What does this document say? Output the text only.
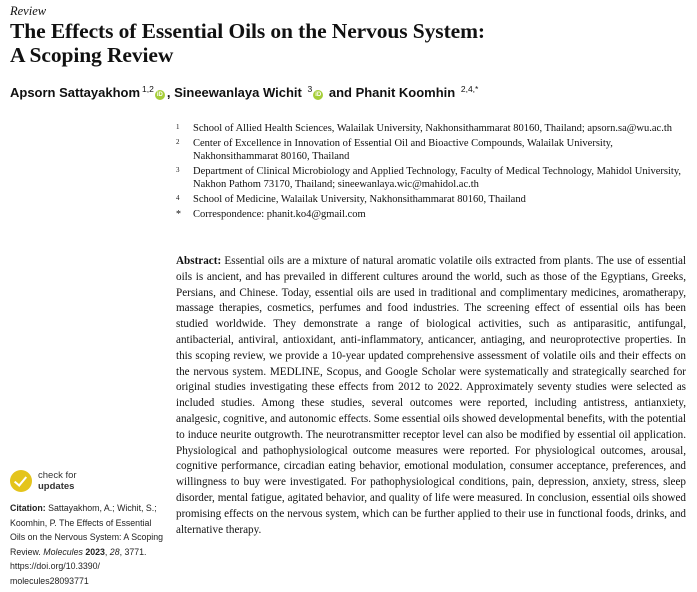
Review
The Effects of Essential Oils on the Nervous System:
A Scoping Review
Apsorn Sattayakhom $^{1,2}$iD , Sineewanlaya Wichit $^3$iD and Phanit Koomhin $^{2,4,*}$
1 School of Allied Health Sciences, Walailak University, Nakhonsithammarat 80160, Thailand; apsorn.sa@wu.ac.th
2 Center of Excellence in Innovation of Essential Oil and Bioactive Compounds, Walailak University, Nakhonsithammarat 80160, Thailand
3 Department of Clinical Microbiology and Applied Technology, Faculty of Medical Technology, Mahidol University, Nakhon Pathom 73170, Thailand; sineewanlaya.wic@mahidol.ac.th
4 School of Medicine, Walailak University, Nakhonsithammarat 80160, Thailand
* Correspondence: phanit.ko4@gmail.com
Abstract: Essential oils are a mixture of natural aromatic volatile oils extracted from plants. The use of essential oils is ancient, and has prevailed in different cultures around the world, such as those of the Egyptians, Greeks, Persians, and Chinese. Today, essential oils are used in traditional and complimentary medicines, aromatherapy, massage therapies, cosmetics, perfumes and food industries. The screening effect of essential oils has been studied worldwide. They demonstrate a range of biological activities, such as antiparasitic, antifungal, antibacterial, antiviral, antioxidant, anti-inflammatory, anticancer, antiaging, and neuroprotective properties. In this scoping review, we provide a 10-year updated comprehensive assessment of volatile oils and their effects on the nervous system. MEDLINE, Scopus, and Google Scholar were systematically and strategically searched for original studies investigating these effects from 2012 to 2022. Approximately seventy studies were selected as included studies. Among these studies, several outcomes were reported, including antistress, antianxiety, analgesic, cognitive, and autonomic effects. Some essential oils showed developmental benefits, with the potential to induce neurite outgrowth. The neurotransmitter receptor level can also be modified by essential oil application. Physiological and pathophysiological outcome measures were reported. For physiological outcomes, arousal, cognitive performance, circadian eating behavior, emotional modulation, consumer acceptance, preferences, and willingness to buy were investigated. For pathophysiological conditions, pain, depression, anxiety, stress, sleep disorder, mental fatigue, agitated behavior, and quality of life were measured. In conclusion, essential oils showed promising effects on the nervous system, which can be further applied to their use in functional foods, drinks, and alternative therapy.
check for
updates
Citation: Sattayakhom, A.; Wichit, S.; Koomhin, P. The Effects of Essential Oils on the Nervous System: A Scoping Review. Molecules 2023, 28, 3771. https://doi.org/10.3390/ molecules28093771
